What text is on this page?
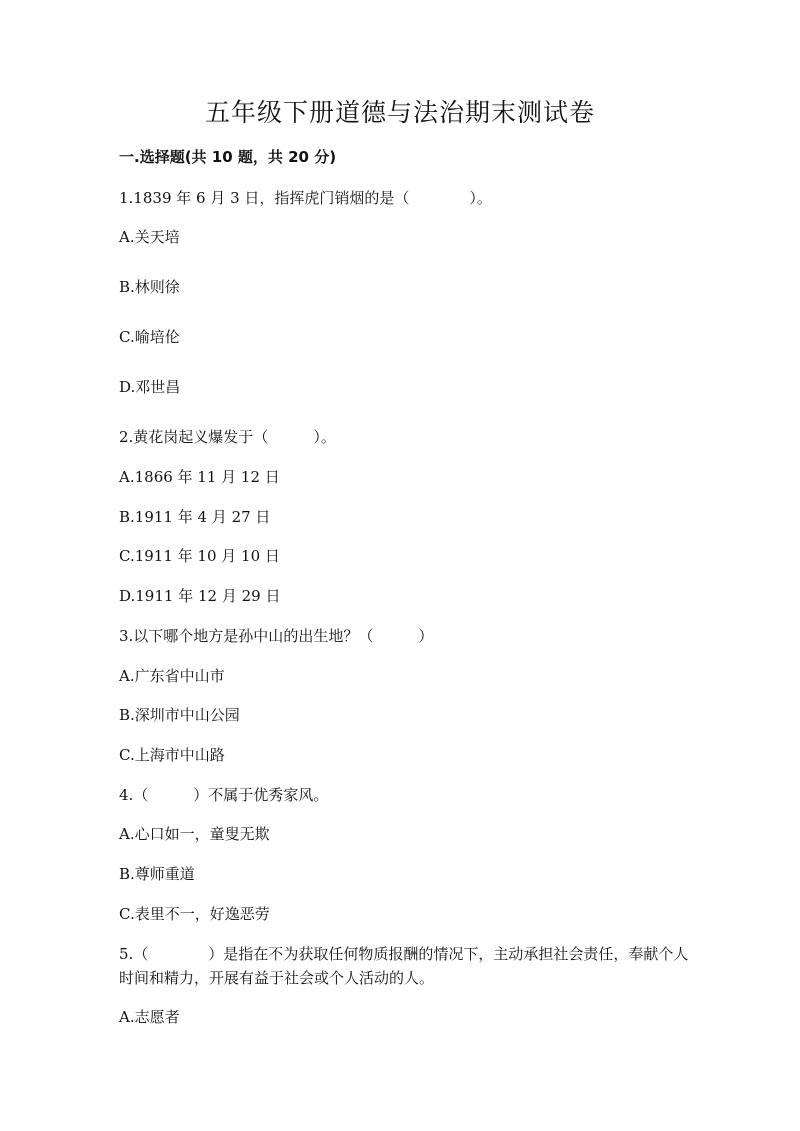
五年级下册道德与法治期末测试卷
一.选择题(共 10 题，共 20 分)
1.1839 年 6 月 3 日，指挥虎门销烟的是（　　　　）。
A.关天培
B.林则徐
C.喻培伦
D.邓世昌
2.黄花岗起义爆发于（　　　）。
A.1866 年 11 月 12 日
B.1911 年 4 月 27 日
C.1911 年 10 月 10 日
D.1911 年 12 月 29 日
3.以下哪个地方是孙中山的出生地？（　　　）
A.广东省中山市
B.深圳市中山公园
C.上海市中山路
4.（　　　）不属于优秀家风。
A.心口如一，童叟无欺
B.尊师重道
C.表里不一，好逸恶劳
5.（　　　　）是指在不为获取任何物质报酬的情况下，主动承担社会责任，奉献个人时间和精力，开展有益于社会或个人活动的人。
A.志愿者
